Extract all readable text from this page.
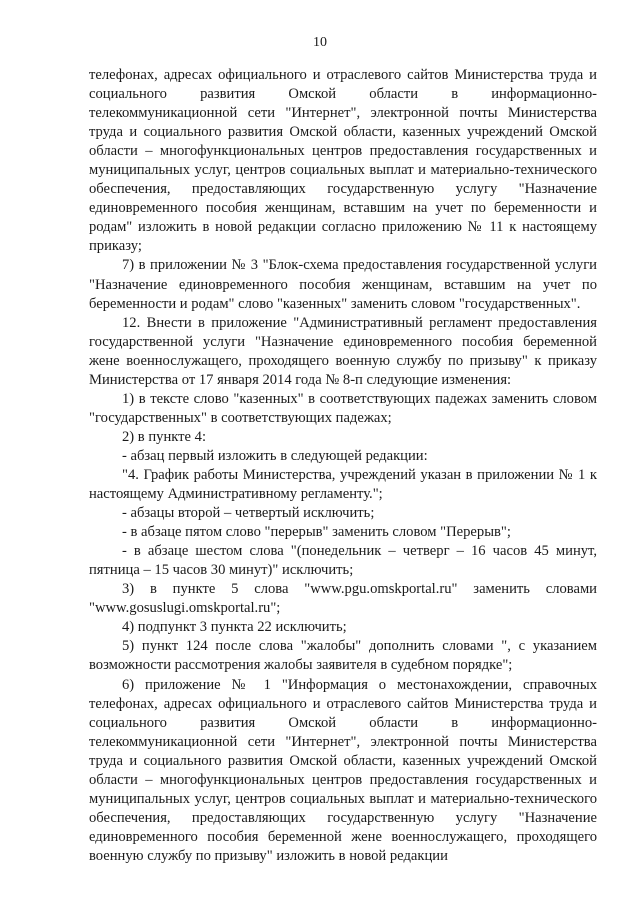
10

телефонах, адресах официального и отраслевого сайтов Министерства труда и социального развития Омской области в информационно-телекоммуникационной сети "Интернет", электронной почты Министерства труда и социального развития Омской области, казенных учреждений Омской области – многофункциональных центров предоставления государственных и муниципальных услуг, центров социальных выплат и материально-технического обеспечения, предоставляющих государственную услугу "Назначение единовременного пособия женщинам, вставшим на учет по беременности и родам" изложить в новой редакции согласно приложению № 11 к настоящему приказу;

7) в приложении № 3 "Блок-схема предоставления государственной услуги "Назначение единовременного пособия женщинам, вставшим на учет по беременности и родам" слово "казенных" заменить словом "государственных".

12. Внести в приложение "Административный регламент предоставления государственной услуги "Назначение единовременного пособия беременной жене военнослужащего, проходящего военную службу по призыву" к приказу Министерства от 17 января 2014 года № 8-п следующие изменения:

1) в тексте слово "казенных" в соответствующих падежах заменить словом "государственных" в соответствующих падежах;

2) в пункте 4:

- абзац первый изложить в следующей редакции:

"4. График работы Министерства, учреждений указан в приложении № 1 к настоящему Административному регламенту.";

- абзацы второй – четвертый исключить;

- в абзаце пятом слово "перерыв" заменить словом "Перерыв";

- в абзаце шестом слова "(понедельник – четверг – 16 часов 45 минут, пятница – 15 часов 30 минут)" исключить;

3) в пункте 5 слова "www.pgu.omskportal.ru" заменить словами "www.gosuslugi.omskportal.ru";

4) подпункт 3 пункта 22 исключить;

5) пункт 124 после слова "жалобы" дополнить словами ", с указанием возможности рассмотрения жалобы заявителя в судебном порядке";

6) приложение № 1 "Информация о местонахождении, справочных телефонах, адресах официального и отраслевого сайтов Министерства труда и социального развития Омской области в информационно-телекоммуникационной сети "Интернет", электронной почты Министерства труда и социального развития Омской области, казенных учреждений Омской области – многофункциональных центров предоставления государственных и муниципальных услуг, центров социальных выплат и материально-технического обеспечения, предоставляющих государственную услугу "Назначение единовременного пособия беременной жене военнослужащего, проходящего военную службу по призыву" изложить в новой редакции
